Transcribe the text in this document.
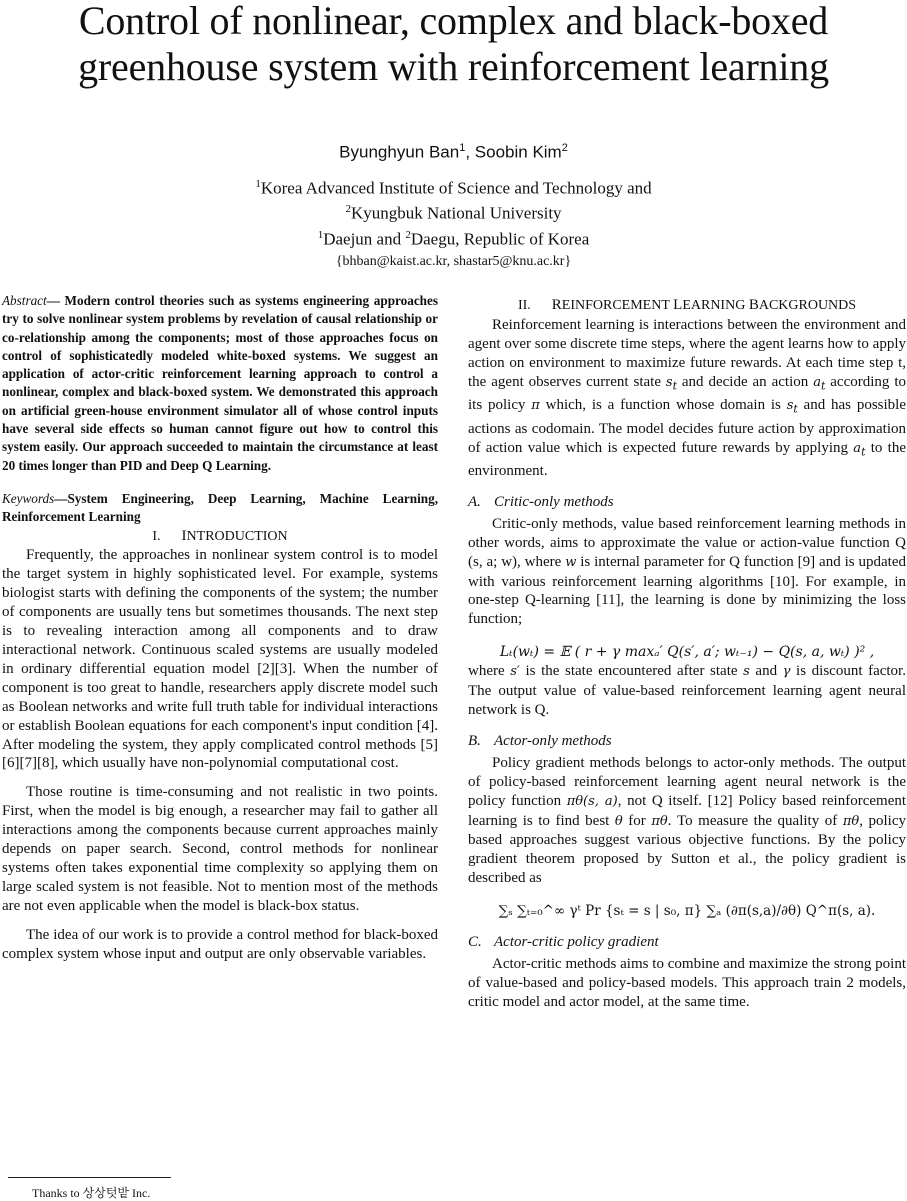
Control of nonlinear, complex and black-boxed
greenhouse system with reinforcement learning
Byunghyun Ban$^1$, Soobin Kim$^2$
$^1$Korea Advanced Institute of Science and Technology and
$^2$Kyungbuk National University
$^1$Daejun and $^2$Daegu, Republic of Korea
{bhban@kaist.ac.kr, shastar5@knu.ac.kr}

Abstract— Modern control theories such as systems engineering approaches try to solve nonlinear system problems by revelation of causal relationship or co-relationship among the components; most of those approaches focus on control of sophisticatedly modeled white-boxed systems. We suggest an application of actor-critic reinforcement learning approach to control a nonlinear, complex and black-boxed system. We demonstrated this approach on artificial green-house environment simulator all of whose control inputs have several side effects so human cannot figure out how to control this system easily. Our approach succeeded to maintain the circumstance at least 20 times longer than PID and Deep Q Learning.

Keywords—System Engineering, Deep Learning, Machine Learning, Reinforcement Learning

I. INTRODUCTION

Frequently, the approaches in nonlinear system control is to model the target system in highly sophisticated level. For example, systems biologist starts with defining the components of the system; the number of components are usually tens but sometimes thousands. The next step is to revealing interaction among all components and to draw interactional network. Continuous scaled systems are usually modeled in ordinary differential equation model [2][3]. When the number of component is too great to handle, researchers apply discrete model such as Boolean networks and write full truth table for individual interactions or establish Boolean equations for each component's input condition [4]. After modeling the system, they apply complicated control methods [5][6][7][8], which usually have non-polynomial computational cost.

Those routine is time-consuming and not realistic in two points. First, when the model is big enough, a researcher may fail to gather all interactions among the components because current approaches mainly depends on paper search. Second, control methods for nonlinear systems often takes exponential time complexity so applying them on large scaled system is not feasible. Not to mention most of the methods are not even applicable when the model is black-box status.

The idea of our work is to provide a control method for black-boxed complex system whose input and output are only observable variables.

II. REINFORCEMENT LEARNING BACKGROUNDS

Reinforcement learning is interactions between the environment and agent over some discrete time steps, where the agent learns how to apply action on environment to maximize future rewards. At each time step t, the agent observes current state $s_t$ and decide an action $a_t$ according to its policy π which, is a function whose domain is $s_t$ and has possible actions as codomain. The model decides future action by approximation of action value which is expected future rewards by applying $a_t$ to the environment.

A. Critic-only methods

Critic-only methods, value based reinforcement learning methods in other words, aims to approximate the value or action-value function Q (s, a; w), where w is internal parameter for Q function [9] and is updated with various reinforcement learning algorithms [10]. For example, in one-step Q-learning [11], the learning is done by minimizing the loss function;

Lₜ(wₜ) = 𝔼 ( r + γ maxₐ′ Q(s′, a′; wₜ₋₁) − Q(s, a, wₜ) )² ,

where s′ is the state encountered after state s and γ is discount factor. The output value of value-based reinforcement learning agent neural network is Q.

B. Actor-only methods

Policy gradient methods belongs to actor-only methods. The output of policy-based reinforcement learning agent neural network is the policy function πθ(s, a), not Q itself. [12] Policy based reinforcement learning is to find best θ for πθ. To measure the quality of πθ, policy based approaches suggest various objective functions. By the policy gradient theorem proposed by Sutton et al., the policy gradient is described as

∑ₛ ∑ₜ₌₀^∞ γᵗ Pr {sₜ = s | s₀, π} ∑ₐ (∂π(s,a)/∂θ) Q^π(s, a).

C. Actor-critic policy gradient

Actor-critic methods aims to combine and maximize the strong point of value-based and policy-based models. This approach train 2 models, critic model and actor model, at the same time.

Thanks to 상상텃밭 Inc.
